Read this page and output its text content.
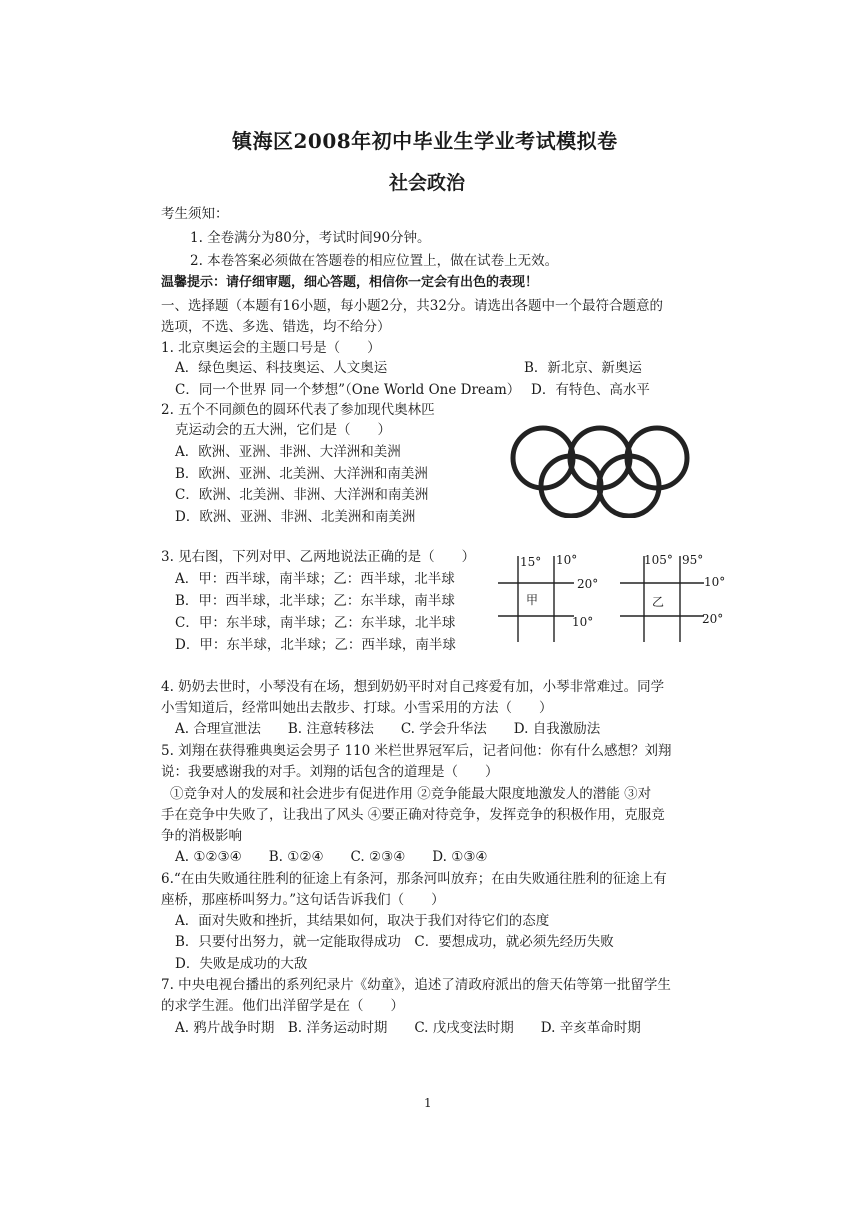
镇海区2008年初中毕业生学业考试模拟卷
社会政治
考生须知：
1. 全卷满分为80分，考试时间90分钟。
2. 本卷答案必须做在答题卷的相应位置上，做在试卷上无效。
温馨提示：请仔细审题，细心答题，相信你一定会有出色的表现！
一、选择题（本题有16小题，每小题2分，共32分。请选出各题中一个最符合题意的
选项，不选、多选、错选，均不给分）
1. 北京奥运会的主题口号是（　　）
A．绿色奥运、科技奥运、人文奥运	B．新北京、新奥运
C．同一个世界 同一个梦想”（One World One Dream） D．有特色、高水平
2. 五个不同颜色的圆环代表了参加现代奥林匹
克运动会的五大洲，它们是（　　）
A．欧洲、亚洲、非洲、大洋洲和美洲
B．欧洲、亚洲、北美洲、大洋洲和南美洲
C．欧洲、北美洲、非洲、大洋洲和南美洲
D．欧洲、亚洲、非洲、北美洲和南美洲
3. 见右图，下列对甲、乙两地说法正确的是（　　）
A．甲：西半球，南半球；乙：西半球，北半球
B．甲：西半球，北半球；乙：东半球，南半球
C．甲：东半球，南半球；乙：东半球，北半球
D．甲：东半球，北半球；乙：西半球，南半球
15° 10°
20°
甲
10°
105° 95°
10°
乙
20°
4. 奶奶去世时，小琴没有在场，想到奶奶平时对自己疼爱有加，小琴非常难过。同学
小雪知道后，经常叫她出去散步、打球。小雪采用的方法（　　）
A. 合理宣泄法　　B. 注意转移法　　C. 学会升华法　　D. 自我激励法
5. 刘翔在获得雅典奥运会男子 110 米栏世界冠军后，记者问他：你有什么感想？刘翔
说：我要感谢我的对手。刘翔的话包含的道理是（　　）
①竞争对人的发展和社会进步有促进作用 ②竞争能最大限度地激发人的潜能 ③对
手在竞争中失败了，让我出了风头 ④要正确对待竞争，发挥竞争的积极作用，克服竞
争的消极影响
A. ①②③④　　B. ①②④　　C. ②③④　　D. ①③④
6.“在由失败通往胜利的征途上有条河，那条河叫放弃；在由失败通往胜利的征途上有
座桥，那座桥叫努力。”这句话告诉我们（　　）
A．面对失败和挫折，其结果如何，取决于我们对待它们的态度
B．只要付出努力，就一定能取得成功　C．要想成功，就必须先经历失败
D．失败是成功的大敌
7. 中央电视台播出的系列纪录片《幼童》，追述了清政府派出的詹天佑等第一批留学生
的求学生涯。他们出洋留学是在（　　）
A. 鸦片战争时期　B. 洋务运动时期　　C. 戊戌变法时期　　D. 辛亥革命时期
1
